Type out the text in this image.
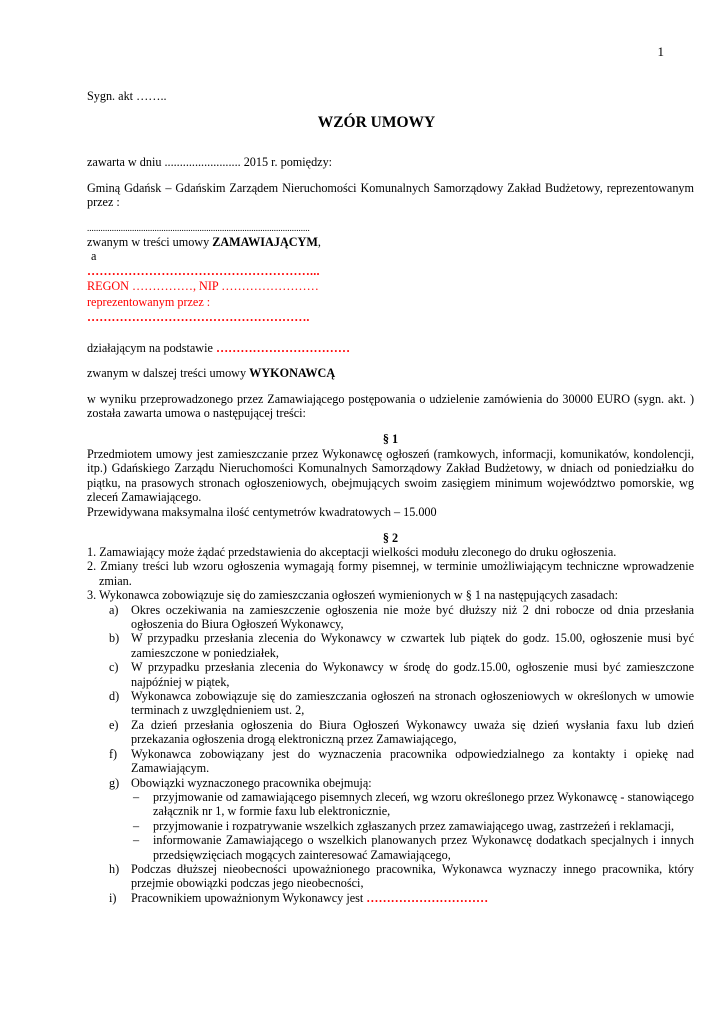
1
Sygn. akt ……..
WZÓR UMOWY
zawarta w dniu ......................... 2015 r. pomiędzy:
Gminą Gdańsk – Gdańskim Zarządem Nieruchomości Komunalnych Samorządowy Zakład Budżetowy, reprezentowanym przez :
...................................................................................................
zwanym w treści umowy ZAMAWIAJĄCYM,
a
………………………………………………...
REGON ……………, NIP ……………………
reprezentowanym przez :
……………………………………………….
działającym na podstawie ……………………………
zwanym w dalszej treści umowy WYKONAWCĄ
w wyniku przeprowadzonego przez Zamawiającego postępowania o udzielenie zamówienia do 30000 EURO (sygn. akt. ) została zawarta umowa o następującej treści:
§ 1
Przedmiotem umowy jest zamieszczanie przez Wykonawcę ogłoszeń (ramkowych, informacji, komunikatów, kondolencji, itp.) Gdańskiego Zarządu Nieruchomości Komunalnych Samorządowy Zakład Budżetowy, w dniach od poniedziałku do piątku, na prasowych stronach ogłoszeniowych, obejmujących swoim zasięgiem minimum województwo pomorskie, wg zleceń Zamawiającego.
Przewidywana maksymalna ilość centymetrów kwadratowych – 15.000
§ 2
1. Zamawiający może żądać przedstawienia do akceptacji wielkości modułu zleconego do druku ogłoszenia.
2. Zmiany treści lub wzoru ogłoszenia wymagają formy pisemnej, w terminie umożliwiającym techniczne wprowadzenie zmian.
3. Wykonawca zobowiązuje się do zamieszczania ogłoszeń wymienionych w § 1 na następujących zasadach:
a) Okres oczekiwania na zamieszczenie ogłoszenia nie może być dłuższy niż 2 dni robocze od dnia przesłania ogłoszenia do Biura Ogłoszeń Wykonawcy,
b) W przypadku przesłania zlecenia do Wykonawcy w czwartek lub piątek do godz. 15.00, ogłoszenie musi być zamieszczone w poniedziałek,
c) W przypadku przesłania zlecenia do Wykonawcy w środę do godz.15.00, ogłoszenie musi być zamieszczone najpóźniej w piątek,
d) Wykonawca zobowiązuje się do zamieszczania ogłoszeń na stronach ogłoszeniowych w określonych w umowie terminach z uwzględnieniem ust. 2,
e) Za dzień przesłania ogłoszenia do Biura Ogłoszeń Wykonawcy uważa się dzień wysłania faxu lub dzień przekazania ogłoszenia drogą elektroniczną przez Zamawiającego,
f) Wykonawca zobowiązany jest do wyznaczenia pracownika odpowiedzialnego za kontakty i opiekę nad Zamawiającym.
g) Obowiązki wyznaczonego pracownika obejmują:
– przyjmowanie od zamawiającego pisemnych zleceń, wg wzoru określonego przez Wykonawcę - stanowiącego załącznik nr 1, w formie faxu lub elektronicznie,
– przyjmowanie i rozpatrywanie wszelkich zgłaszanych przez zamawiającego uwag, zastrzeżeń i reklamacji,
– informowanie Zamawiającego o wszelkich planowanych przez Wykonawcę dodatkach specjalnych i innych przedsięwzięciach mogących zainteresować Zamawiającego,
h) Podczas dłuższej nieobecności upoważnionego pracownika, Wykonawca wyznaczy innego pracownika, który przejmie obowiązki podczas jego nieobecności,
i) Pracownikiem upoważnionym Wykonawcy jest …………………………
